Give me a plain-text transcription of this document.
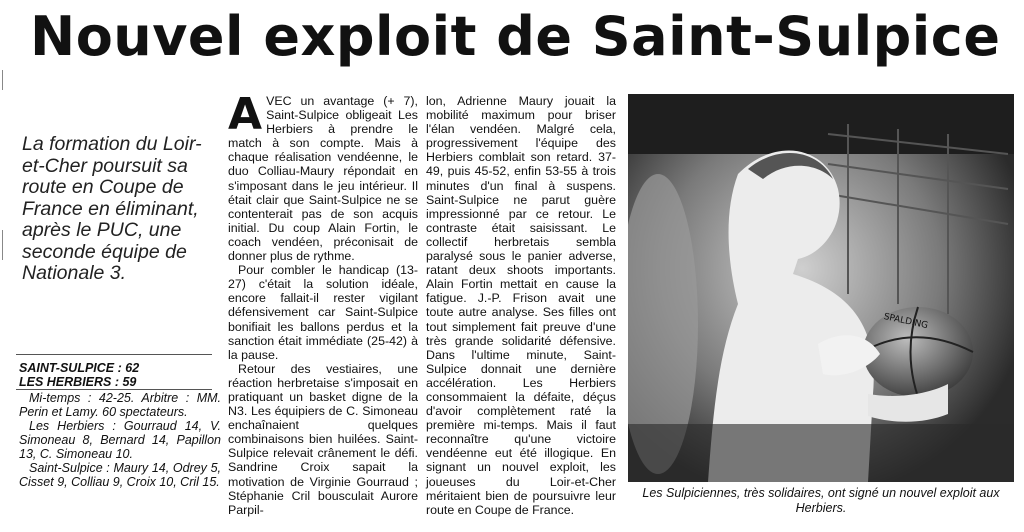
Nouvel exploit de Saint-Sulpice

La formation du Loir-et-Cher poursuit sa route en Coupe de France en éliminant, après le PUC, une seconde équipe de Nationale 3.

SAINT-SULPICE : 62
LES HERBIERS : 59

Mi-temps : 42-25. Arbitre : MM. Perin et Lamy. 60 spectateurs.

Les Herbiers : Gourraud 14, V. Simoneau 8, Bernard 14, Papillon 13, C. Simoneau 10.

Saint-Sulpice : Maury 14, Odrey 5, Cisset 9, Colliau 9, Croix 10, Cril 15.

A VEC un avantage (+ 7), Saint-Sulpice obligeait Les Herbiers à prendre le match à son compte. Mais à chaque réalisation vendéenne, le duo Colliau-Maury répondait en s'imposant dans le jeu intérieur. Il était clair que Saint-Sulpice ne se contenterait pas de son acquis initial. Du coup Alain Fortin, le coach vendéen, préconisait de donner plus de rythme.

Pour combler le handicap (13-27) c'était la solution idéale, encore fallait-il rester vigilant défensivement car Saint-Sulpice bonifiait les ballons perdus et la sanction était immédiate (25-42) à la pause.

Retour des vestiaires, une réaction herbretaise s'imposait en pratiquant un basket digne de la N3. Les équipiers de C. Simoneau enchaînaient quelques combinaisons bien huilées. Saint-Sulpice relevait crânement le défi. Sandrine Croix sapait la motivation de Virginie Gourraud ; Stéphanie Cril bousculait Aurore Parpil-

lon, Adrienne Maury jouait la mobilité maximum pour briser l'élan vendéen. Malgré cela, progressivement l'équipe des Herbiers comblait son retard. 37-49, puis 45-52, enfin 53-55 à trois minutes d'un final à suspens. Saint-Sulpice ne parut guère impressionné par ce retour. Le contraste était saisissant. Le collectif herbretais sembla paralysé sous le panier adverse, ratant deux shoots importants. Alain Fortin mettait en cause la fatigue. J.-P. Frison avait une toute autre analyse. Ses filles ont tout simplement fait preuve d'une très grande solidarité défensive. Dans l'ultime minute, Saint-Sulpice donnait une dernière accélération. Les Herbiers consommaient la défaite, déçus d'avoir complètement raté la première mi-temps. Mais il faut reconnaître qu'une victoire vendéenne eut été illogique. En signant un nouvel exploit, les joueuses du Loir-et-Cher méritaient bien de poursuivre leur route en Coupe de France.

SPALDING
Les Sulpiciennes, très solidaires, ont signé un nouvel exploit aux Herbiers.
